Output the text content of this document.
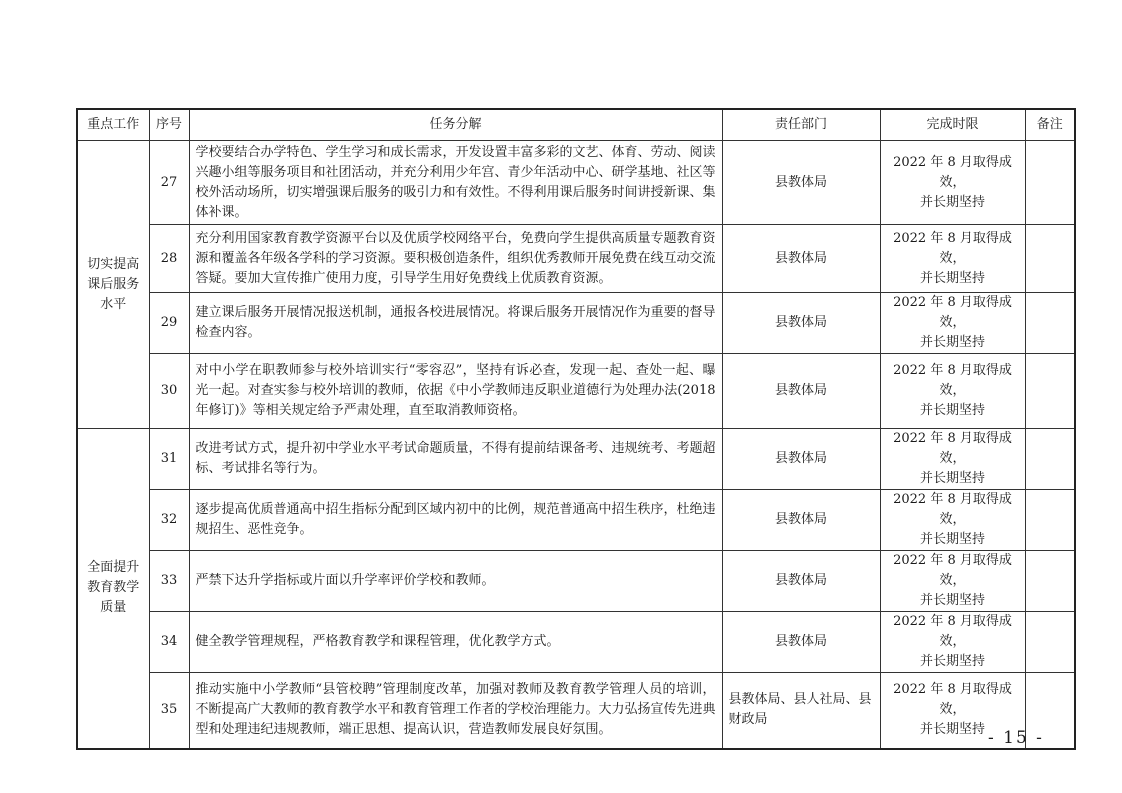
重点工作	序号	任务分解	责任部门	完成时限	备注
切实提高课后服务水平	27	学校要结合办学特色、学生学习和成长需求，开发设置丰富多彩的文艺、体育、劳动、阅读兴趣小组等服务项目和社团活动，并充分利用少年宫、青少年活动中心、研学基地、社区等校外活动场所，切实增强课后服务的吸引力和有效性。不得利用课后服务时间讲授新课、集体补课。	县教体局	2022 年 8 月取得成效，
并长期坚持	
	28	充分利用国家教育教学资源平台以及优质学校网络平台，免费向学生提供高质量专题教育资源和覆盖各年级各学科的学习资源。要积极创造条件，组织优秀教师开展免费在线互动交流答疑。要加大宣传推广使用力度，引导学生用好免费线上优质教育资源。	县教体局	2022 年 8 月取得成效，
并长期坚持	
	29	建立课后服务开展情况报送机制，通报各校进展情况。将课后服务开展情况作为重要的督导检查内容。	县教体局	2022 年 8 月取得成效，
并长期坚持	
	30	对中小学在职教师参与校外培训实行“零容忍”，坚持有诉必查，发现一起、查处一起、曝光一起。对查实参与校外培训的教师，依据《中小学教师违反职业道德行为处理办法(2018 年修订)》等相关规定给予严肃处理，直至取消教师资格。	县教体局	2022 年 8 月取得成效，
并长期坚持	
全面提升教育教学质量	31	改进考试方式，提升初中学业水平考试命题质量，不得有提前结课备考、违规统考、考题超标、考试排名等行为。	县教体局	2022 年 8 月取得成效，
并长期坚持	
	32	逐步提高优质普通高中招生指标分配到区域内初中的比例，规范普通高中招生秩序，杜绝违规招生、恶性竞争。	县教体局	2022 年 8 月取得成效，
并长期坚持	
	33	严禁下达升学指标或片面以升学率评价学校和教师。	县教体局	2022 年 8 月取得成效，
并长期坚持	
	34	健全教学管理规程，严格教育教学和课程管理，优化教学方式。	县教体局	2022 年 8 月取得成效，
并长期坚持	
	35	推动实施中小学教师“县管校聘”管理制度改革，加强对教师及教育教学管理人员的培训，不断提高广大教师的教育教学水平和教育管理工作者的学校治理能力。大力弘扬宣传先进典型和处理违纪违规教师，端正思想、提高认识，营造教师发展良好氛围。	县教体局、县人社局、县财政局	2022 年 8 月取得成效，
并长期坚持	- 15 -
